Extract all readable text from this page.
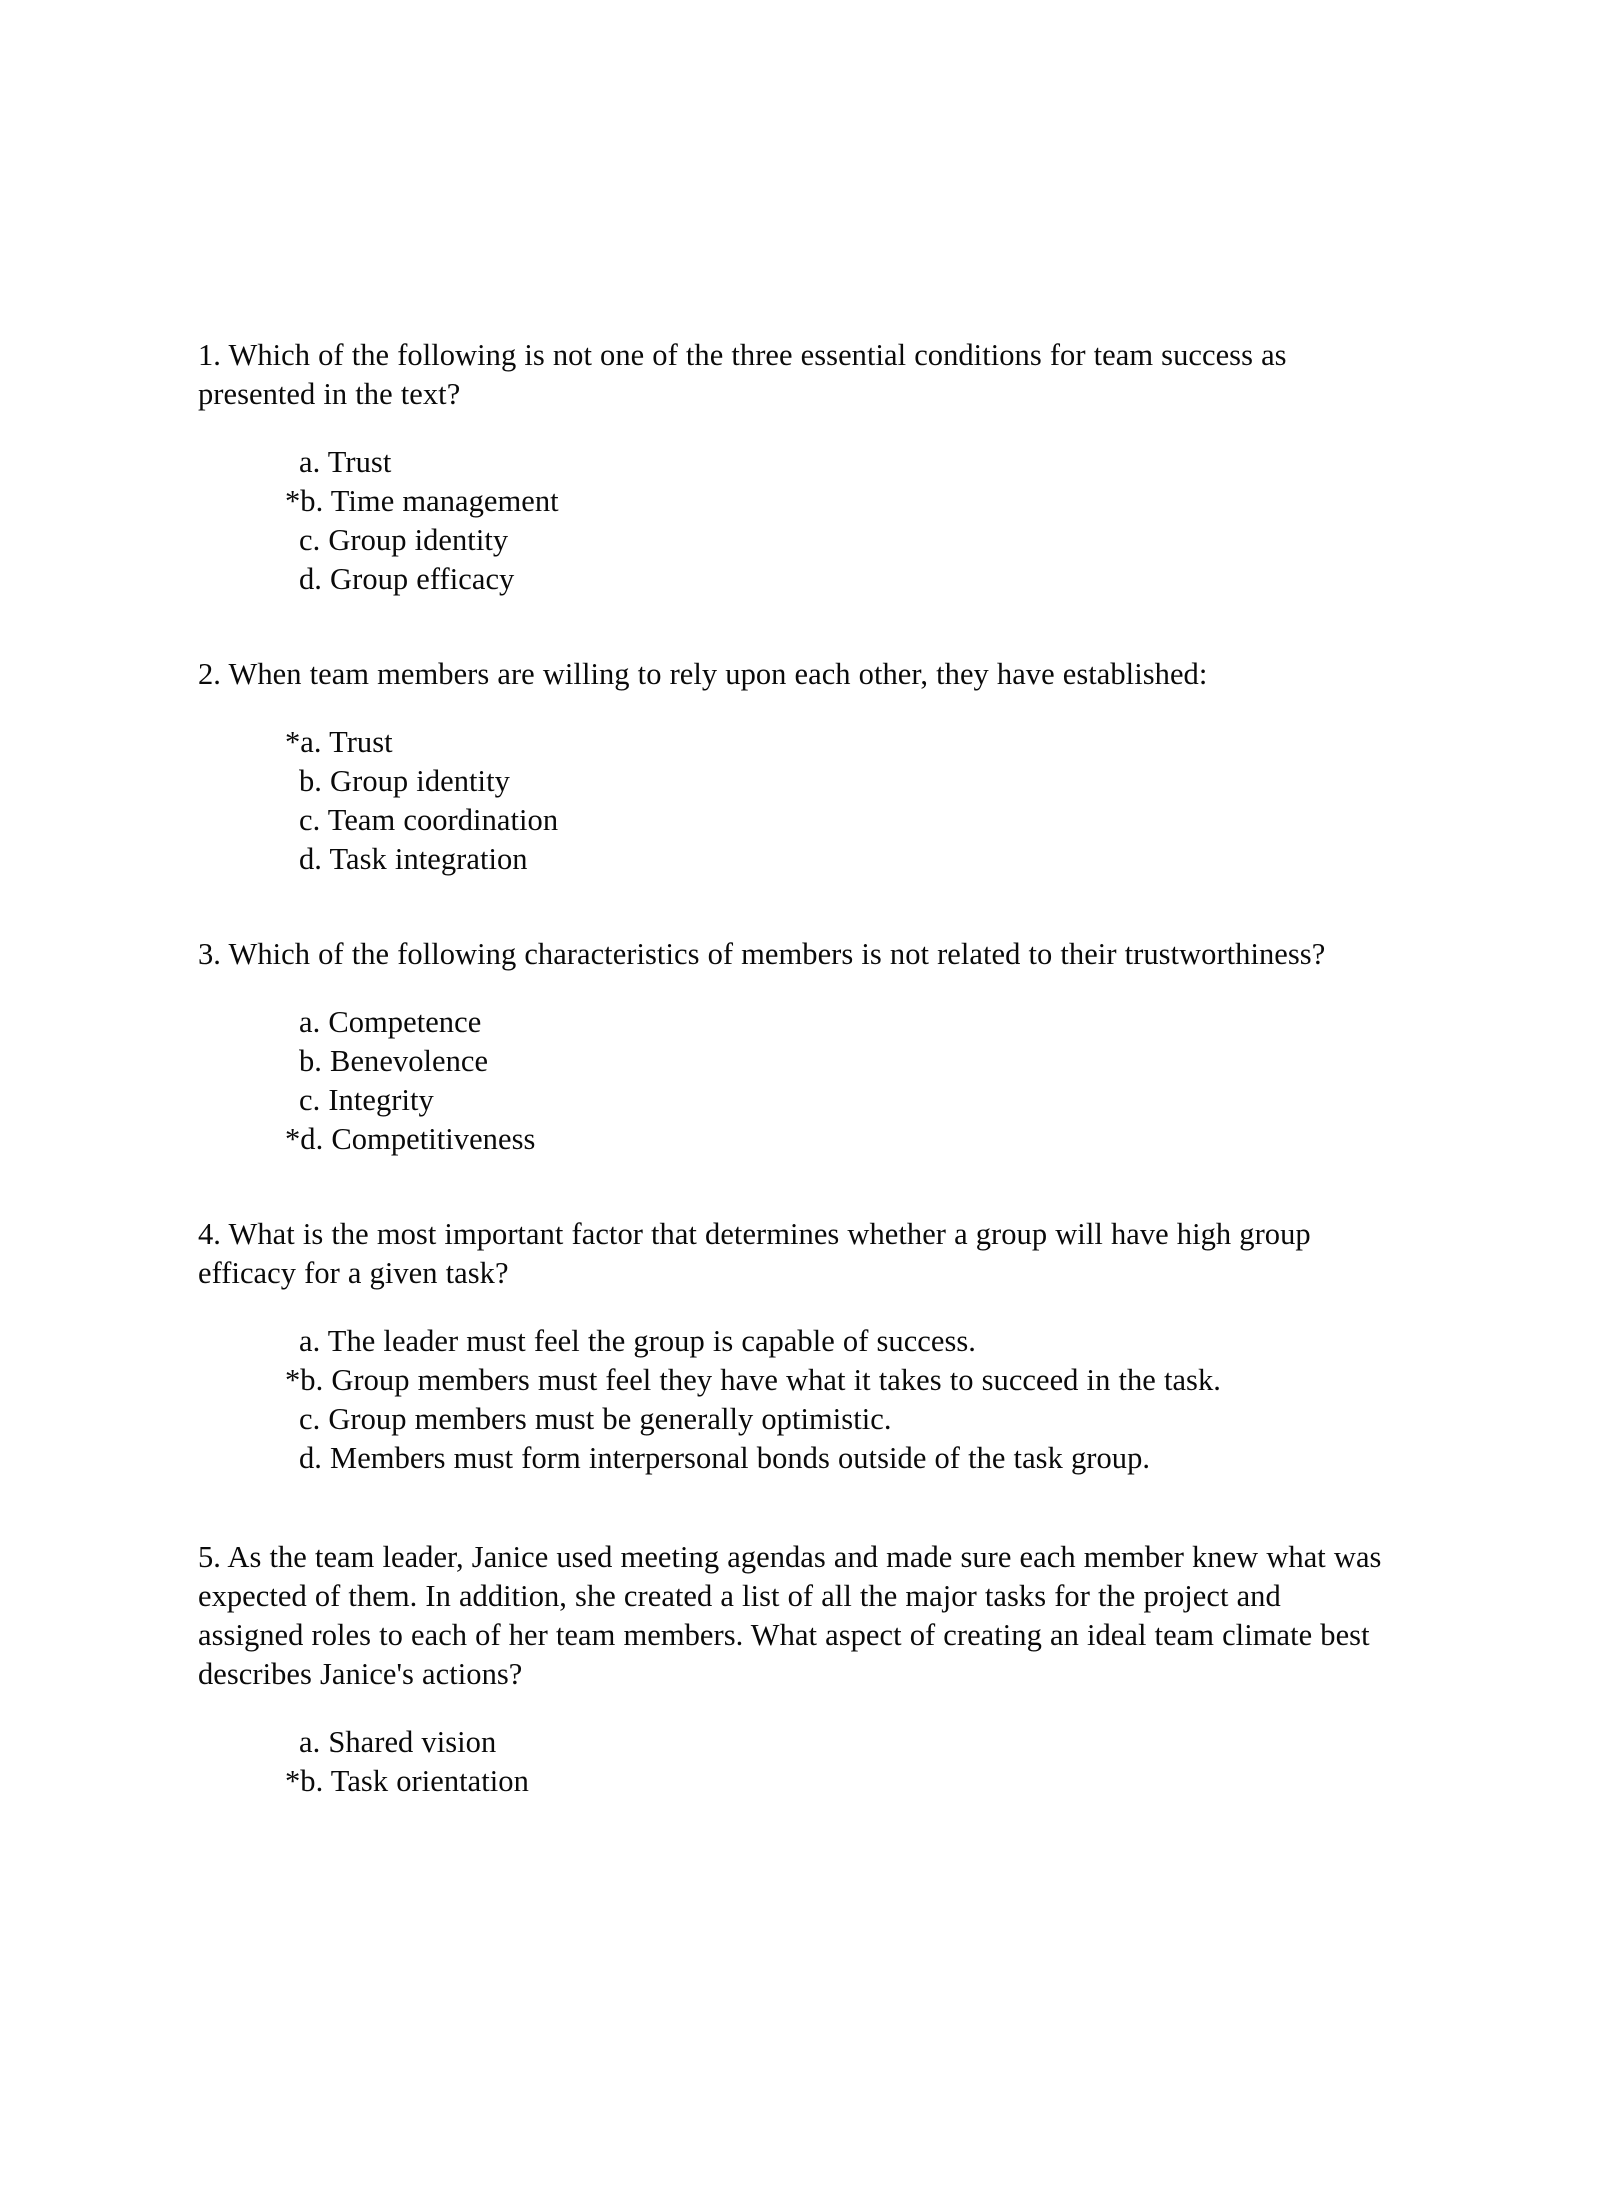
1. Which of the following is not one of the three essential conditions for team success as presented in the text?

a. Trust
*b. Time management
c. Group identity
d. Group efficacy

2. When team members are willing to rely upon each other, they have established:

*a. Trust
b. Group identity
c. Team coordination
d. Task integration

3. Which of the following characteristics of members is not related to their trustworthiness?

a. Competence
b. Benevolence
c. Integrity
*d. Competitiveness

4. What is the most important factor that determines whether a group will have high group efficacy for a given task?

a. The leader must feel the group is capable of success.
*b. Group members must feel they have what it takes to succeed in the task.
c. Group members must be generally optimistic.
d. Members must form interpersonal bonds outside of the task group.

5. As the team leader, Janice used meeting agendas and made sure each member knew what was expected of them. In addition, she created a list of all the major tasks for the project and assigned roles to each of her team members. What aspect of creating an ideal team climate best describes Janice's actions?

a. Shared vision
*b. Task orientation
